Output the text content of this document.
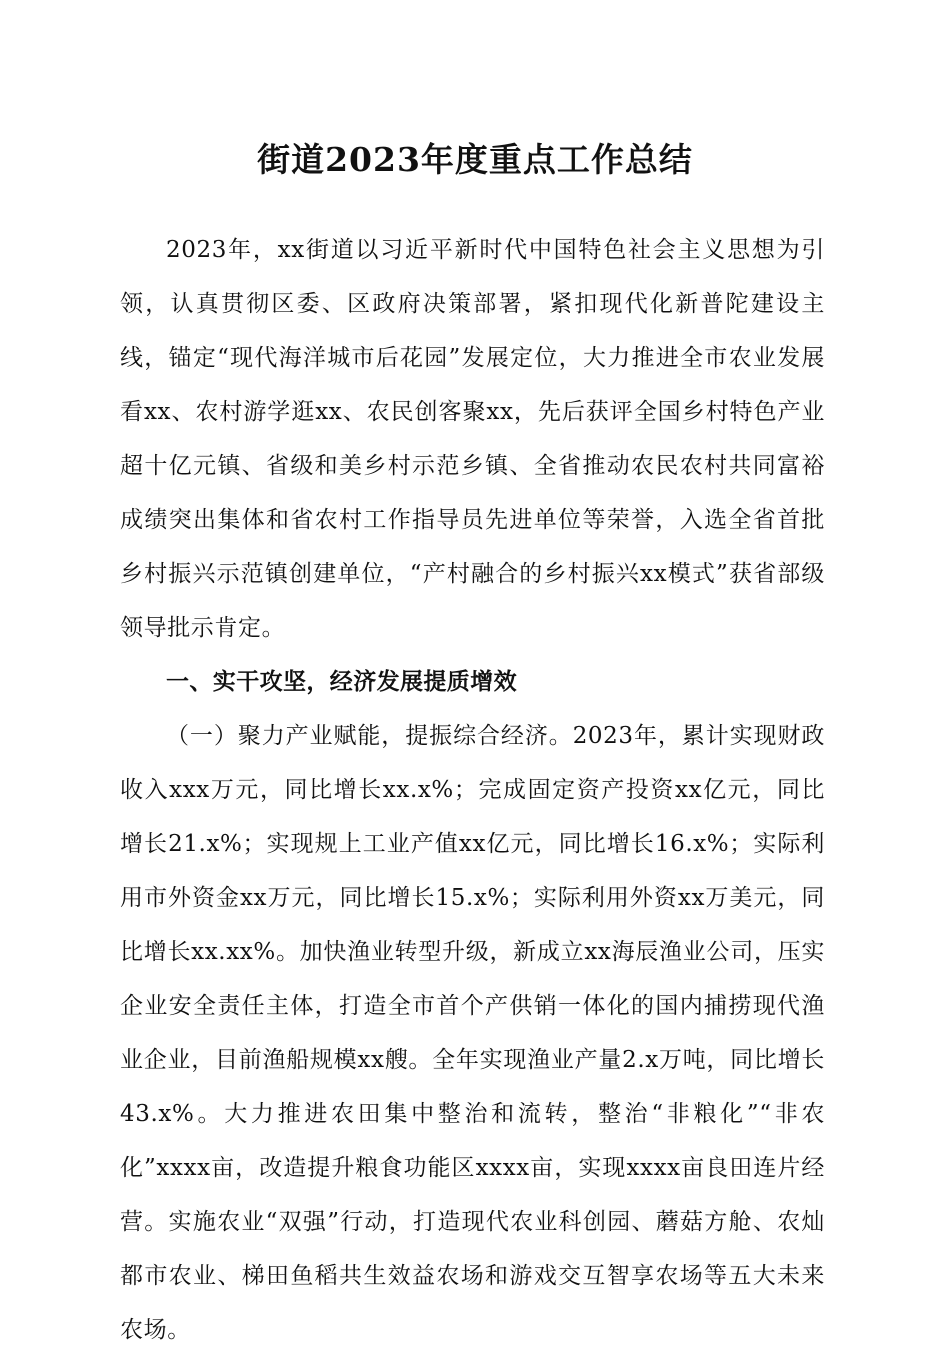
街道2023年度重点工作总结

2023年，xx街道以习近平新时代中国特色社会主义思想为引领，认真贯彻区委、区政府决策部署，紧扣现代化新普陀建设主线，锚定“现代海洋城市后花园”发展定位，大力推进全市农业发展看xx、农村游学逛xx、农民创客聚xx，先后获评全国乡村特色产业超十亿元镇、省级和美乡村示范乡镇、全省推动农民农村共同富裕成绩突出集体和省农村工作指导员先进单位等荣誉，入选全省首批乡村振兴示范镇创建单位，“产村融合的乡村振兴xx模式”获省部级领导批示肯定。

一、实干攻坚，经济发展提质增效

（一）聚力产业赋能，提振综合经济。2023年，累计实现财政收入xxx万元，同比增长xx.x%；完成固定资产投资xx亿元，同比增长21.x%；实现规上工业产值xx亿元，同比增长16.x%；实际利用市外资金xx万元，同比增长15.x%；实际利用外资xx万美元，同比增长xx.xx%。加快渔业转型升级，新成立xx海辰渔业公司，压实企业安全责任主体，打造全市首个产供销一体化的国内捕捞现代渔业企业，目前渔船规模xx艘。全年实现渔业产量2.x万吨，同比增长43.x%。大力推进农田集中整治和流转，整治“非粮化”“非农化”xxxx亩，改造提升粮食功能区xxxx亩，实现xxxx亩良田连片经营。实施农业“双强”行动，打造现代农业科创园、蘑菇方舱、农灿都市农业、梯田鱼稻共生效益农场和游戏交互智享农场等五大未来农场。
